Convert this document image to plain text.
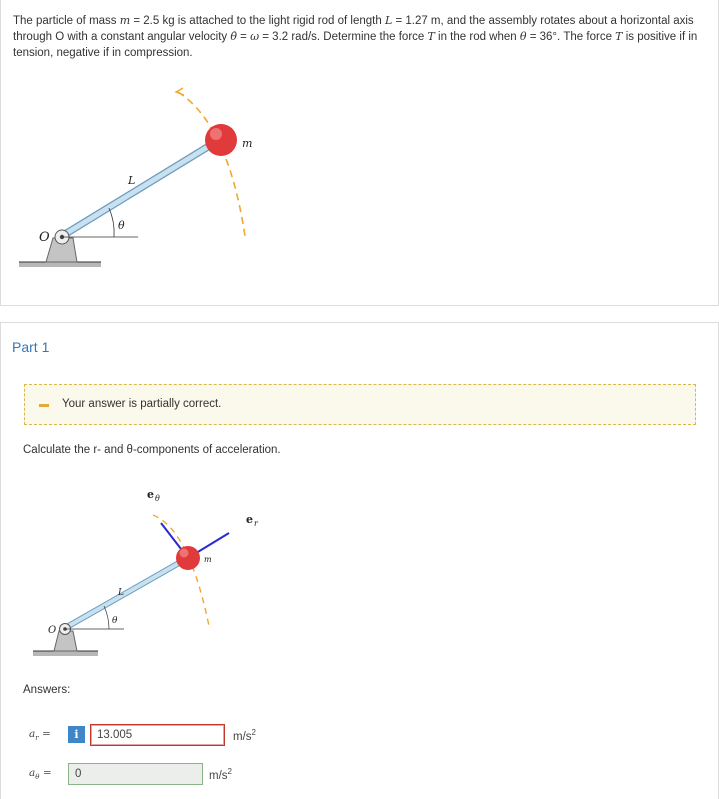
The particle of mass m = 2.5 kg is attached to the light rigid rod of length L = 1.27 m, and the assembly rotates about a horizontal axis through O with a constant angular velocity θ̇ = ω = 3.2 rad/s. Determine the force T in the rod when θ = 36°. The force T is positive if in tension, negative if in compression.
O
L
θ
m
Part 1
Your answer is partially correct.
Calculate the r- and θ-components of acceleration.
O
L
θ
m
e θ
e r
Answers:
$a_r$ =	i	13.005	$m/s^2$
$a_\theta$ =	0	$m/s^2$
